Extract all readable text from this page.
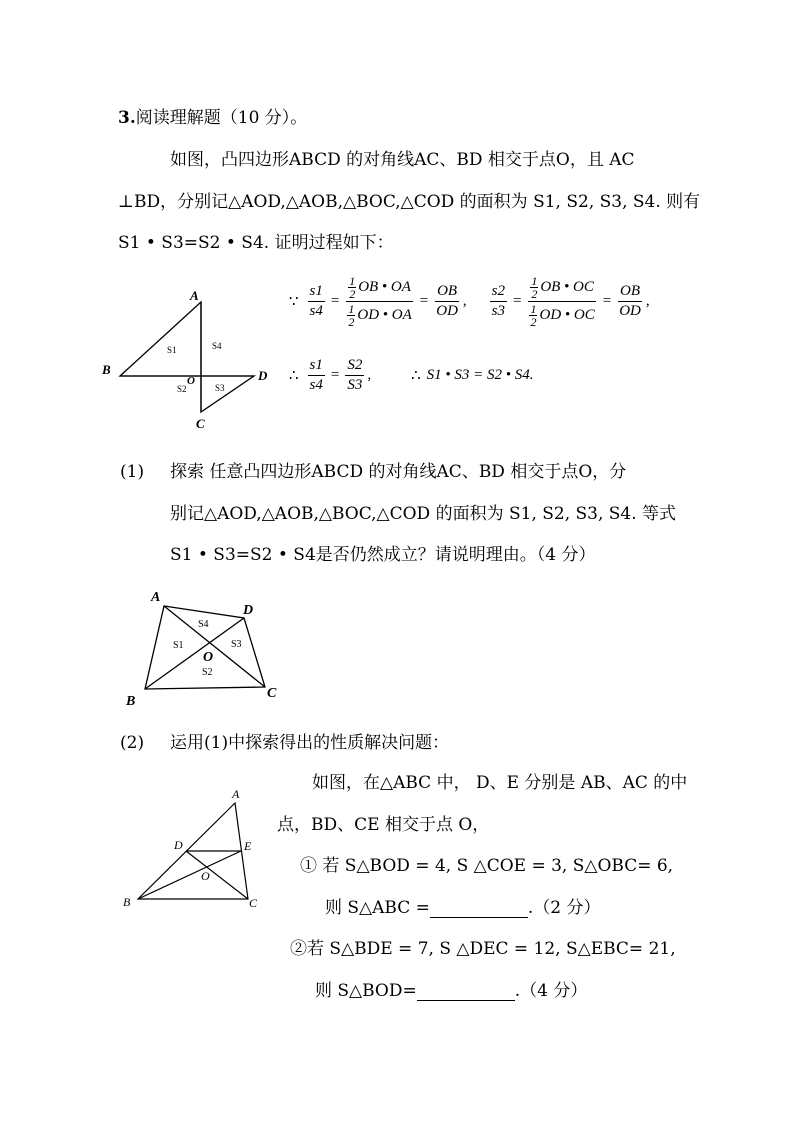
3.阅读理解题（10 分）。
如图，凸四边形ABCD 的对角线AC、BD 相交于点O，且 AC
⊥BD，分别记△AOD,△AOB,△BOC,△COD 的面积为 S1, S2, S3, S4. 则有
S1 • S3=S2 • S4. 证明过程如下：
A
B
C
D
O
S1	S4
S2	S3
∵ $\frac{s1}{s4} = 1$
2 OB • OA
1
2 OD • OA = $\frac{OB}{OD}$ , $\frac{s2}{s3} = 1$
2 OB • OC
1
2 OD • OC = $\frac{OB}{OD}$ ,
∴ $\frac{s1}{s4} = \frac{S2}{S3}$ ,	∴ S1 • S3 = S2 • S4.
(1) 探索 任意凸四边形ABCD 的对角线AC、BD 相交于点O，分
别记△AOD,△AOB,△BOC,△COD 的面积为 S1, S2, S3, S4. 等式
S1 • S3=S2 • S4是否仍然成立？请说明理由。（4 分）
A
B
C
D
O
S4
S1	S3
S2
(2) 运用(1)中探索得出的性质解决问题：
如图，在△ABC 中， D、E 分别是 AB、AC 的中
点，BD、CE 相交于点 O，
① 若 S△BOD = 4, S △COE = 3, S△OBC= 6,
则 S△ABC =	.（2 分）
②若 S△BDE = 7, S △DEC = 12, S△EBC= 21,
则 S△BOD=	.（4 分）
A
B	C
D	E
O
